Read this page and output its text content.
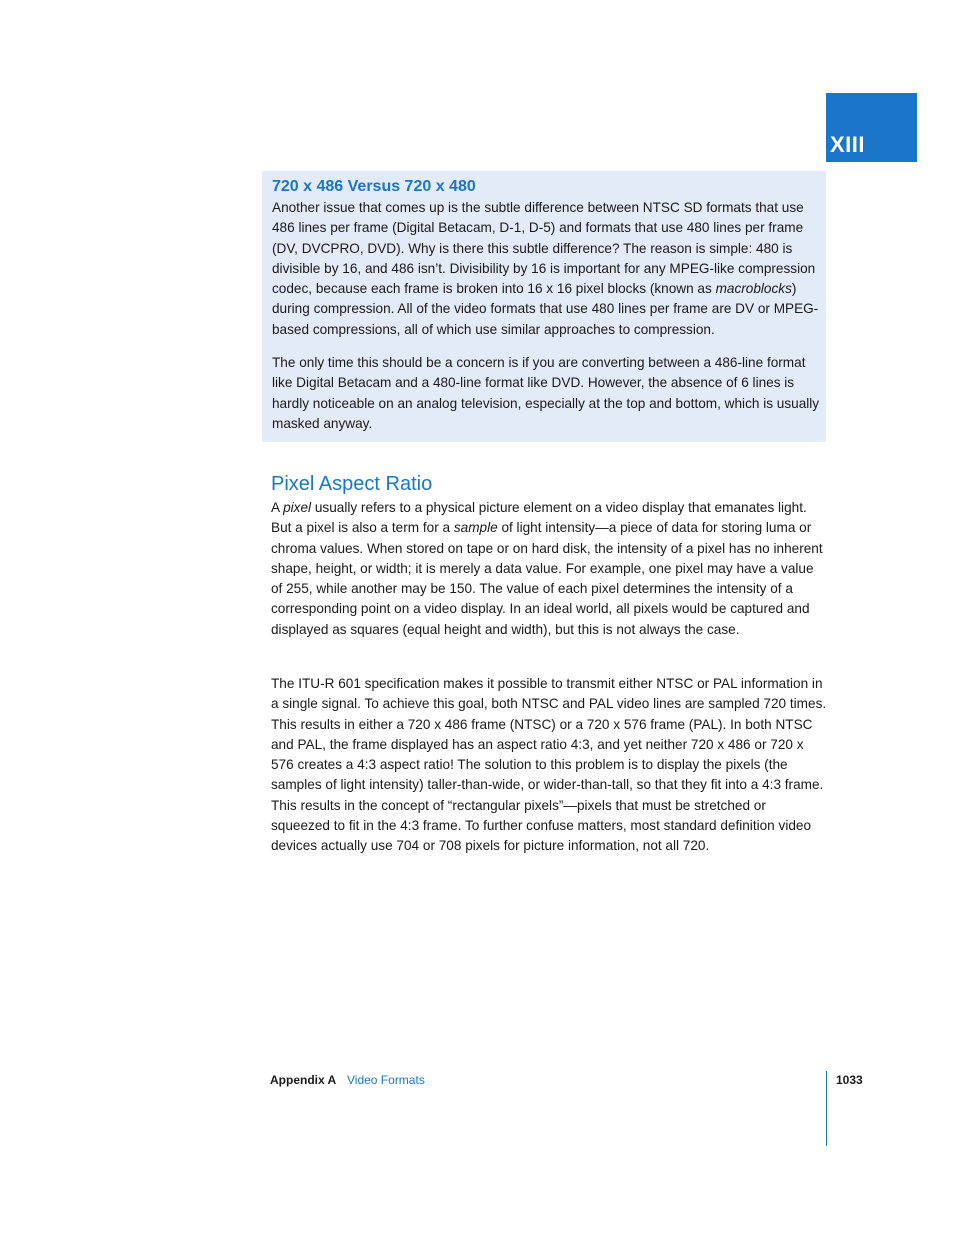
XIII
720 x 486 Versus 720 x 480

Another issue that comes up is the subtle difference between NTSC SD formats that use 486 lines per frame (Digital Betacam, D-1, D-5) and formats that use 480 lines per frame (DV, DVCPRO, DVD). Why is there this subtle difference? The reason is simple: 480 is divisible by 16, and 486 isn’t. Divisibility by 16 is important for any MPEG-like compression codec, because each frame is broken into 16 x 16 pixel blocks (known as macroblocks) during compression. All of the video formats that use 480 lines per frame are DV or MPEG-based compressions, all of which use similar approaches to compression.

The only time this should be a concern is if you are converting between a 486-line format like Digital Betacam and a 480-line format like DVD. However, the absence of 6 lines is hardly noticeable on an analog television, especially at the top and bottom, which is usually masked anyway.

Pixel Aspect Ratio

A pixel usually refers to a physical picture element on a video display that emanates light. But a pixel is also a term for a sample of light intensity—a piece of data for storing luma or chroma values. When stored on tape or on hard disk, the intensity of a pixel has no inherent shape, height, or width; it is merely a data value. For example, one pixel may have a value of 255, while another may be 150. The value of each pixel determines the intensity of a corresponding point on a video display. In an ideal world, all pixels would be captured and displayed as squares (equal height and width), but this is not always the case.

The ITU-R 601 specification makes it possible to transmit either NTSC or PAL information in a single signal. To achieve this goal, both NTSC and PAL video lines are sampled 720 times. This results in either a 720 x 486 frame (NTSC) or a 720 x 576 frame (PAL). In both NTSC and PAL, the frame displayed has an aspect ratio 4:3, and yet neither 720 x 486 or 720 x 576 creates a 4:3 aspect ratio! The solution to this problem is to display the pixels (the samples of light intensity) taller-than-wide, or wider-than-tall, so that they fit into a 4:3 frame. This results in the concept of “rectangular pixels”—pixels that must be stretched or squeezed to fit in the 4:3 frame. To further confuse matters, most standard definition video devices actually use 704 or 708 pixels for picture information, not all 720.

Appendix A Video Formats	1033
